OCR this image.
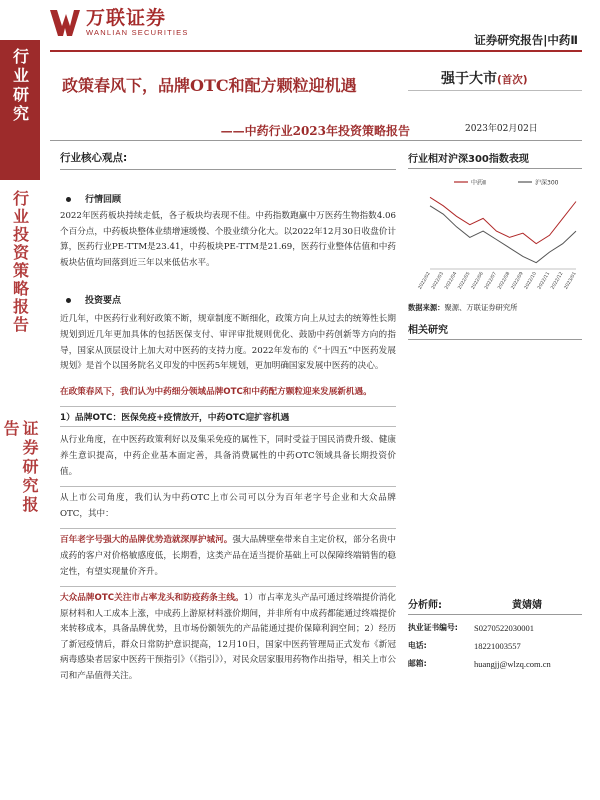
行业研究
行业投资策略报告
证券研究报告
万联证券
WANLIAN SECURITIES
证券研究报告|中药Ⅱ
政策春风下，品牌OTC和配方颗粒迎机遇
——中药行业2023年投资策略报告
强于大市(首次)
2023年02月02日
行业核心观点:
行情回顾

2022年医药板块持续走低，各子板块均表现不佳。中药指数跑赢中万医药生物指数4.06个百分点，中药板块整体业绩增速缓慢、个股业绩分化大。以2022年12月30日收盘价计算，医药行业PE-TTM是23.41，中药板块PE-TTM是21.69，医药行业整体估值和中药板块估值均回落到近三年以来低估水平。

投资要点

近几年，中医药行业利好政策不断，规章制度不断细化，政策方向上从过去的统筹性长期规划到近几年更加具体的包括医保支付、审评审批规则优化、鼓励中药创新等方向的指导，国家从顶层设计上加大对中医药的支持力度。2022年发布的《“十四五”中医药发展规划》是首个以国务院名义印发的中医药5年规划，更加明确国家发展中医药的决心。

在政策春风下，我们认为中药细分领域品牌OTC和中药配方颗粒迎来发展新机遇。

1）品牌OTC：医保免疫+疫情放开，中药OTC迎扩容机遇

从行业角度，在中医药政策利好以及集采免疫的属性下，同时受益于国民消费升级、健康养生意识提高，中药企业基本面定善，具备消费属性的中药OTC领域具备长期投资价值。

从上市公司角度，我们认为中药OTC上市公司可以分为百年老字号企业和大众品牌OTC，其中：

百年老字号强大的品牌优势造就深厚护城河。强大品牌壁垒带来自主定价权，部分名贵中成药的客户对价格敏感度低，长期看，这类产品在适当提价基础上可以保障终端销售的稳定性，有望实现量价齐升。

大众品牌OTC关注市占率龙头和防疫药条主线。1）市占率龙头产品可通过终端提价消化原材料和人工成本上涨，中成药上游原材料涨价期间，并非所有中成药都能通过终端提价来转移成本，具备品牌优势，且市场份额领先的产品能通过提价保障利润空间；2）经历了新冠疫情后，群众日常防护意识提高，12月10日，国家中医药管理局正式发布《新冠病毒感染者居家中医药干预指引》（《指引》），对民众居家服用药物作出指导，相关上市公司和产品值得关注。

行业相对沪深300指数表现
中药Ⅱ	沪深300
2022/02 2022/03 2022/04 2022/05 2022/06 2022/07 2022/08 2022/09 2022/10 2022/11 2022/12 2023/01
数据来源：聚源、万联证券研究所
相关研究
分析师:	黄婧婧
执业证书编号:	S0270522030001
电话:	18221003557
邮箱:	huangjj@wlzq.com.cn
